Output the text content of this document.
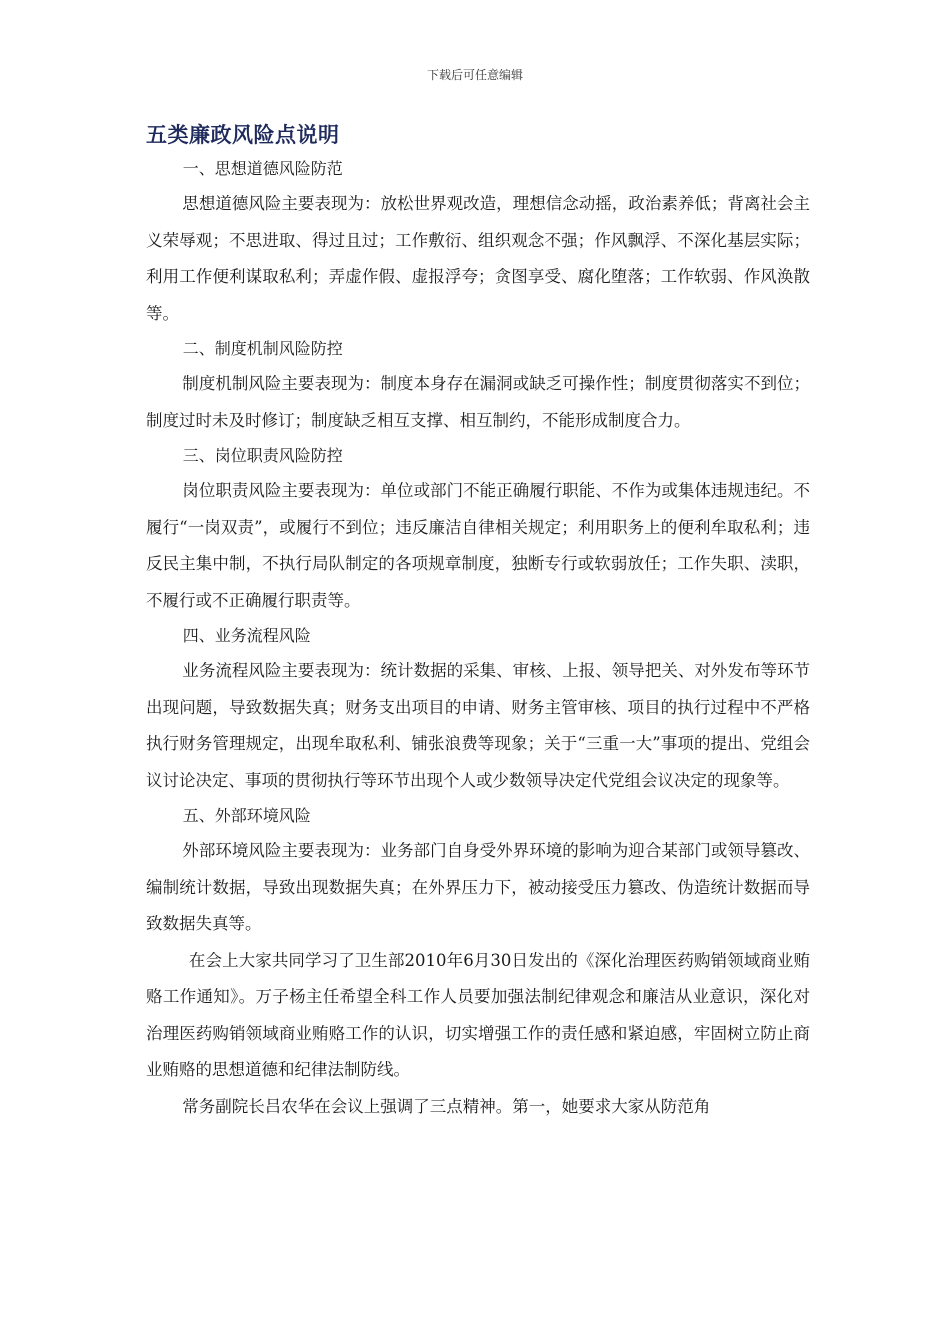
下载后可任意编辑
五类廉政风险点说明

一、思想道德风险防范

思想道德风险主要表现为：放松世界观改造，理想信念动摇，政治素养低；背离社会主义荣辱观；不思进取、得过且过；工作敷衍、组织观念不强；作风飘浮、不深化基层实际；利用工作便利谋取私利；弄虚作假、虚报浮夸；贪图享受、腐化堕落；工作软弱、作风涣散等。

二、制度机制风险防控

制度机制风险主要表现为：制度本身存在漏洞或缺乏可操作性；制度贯彻落实不到位；制度过时未及时修订；制度缺乏相互支撑、相互制约，不能形成制度合力。

三、岗位职责风险防控

岗位职责风险主要表现为：单位或部门不能正确履行职能、不作为或集体违规违纪。不履行“一岗双责”，或履行不到位；违反廉洁自律相关规定；利用职务上的便利牟取私利；违反民主集中制，不执行局队制定的各项规章制度，独断专行或软弱放任；工作失职、渎职，不履行或不正确履行职责等。

四、业务流程风险

业务流程风险主要表现为：统计数据的采集、审核、上报、领导把关、对外发布等环节出现问题，导致数据失真；财务支出项目的申请、财务主管审核、项目的执行过程中不严格执行财务管理规定，出现牟取私利、铺张浪费等现象；关于“三重一大”事项的提出、党组会议讨论决定、事项的贯彻执行等环节出现个人或少数领导决定代党组会议决定的现象等。

五、外部环境风险

外部环境风险主要表现为：业务部门自身受外界环境的影响为迎合某部门或领导篡改、编制统计数据，导致出现数据失真；在外界压力下，被动接受压力篡改、伪造统计数据而导致数据失真等。

在会上大家共同学习了卫生部2010年6月30日发出的《深化治理医药购销领域商业贿赂工作通知》。万子杨主任希望全科工作人员要加强法制纪律观念和廉洁从业意识，深化对治理医药购销领域商业贿赂工作的认识，切实增强工作的责任感和紧迫感，牢固树立防止商业贿赂的思想道德和纪律法制防线。

常务副院长吕农华在会议上强调了三点精神。第一，她要求大家从防范角
